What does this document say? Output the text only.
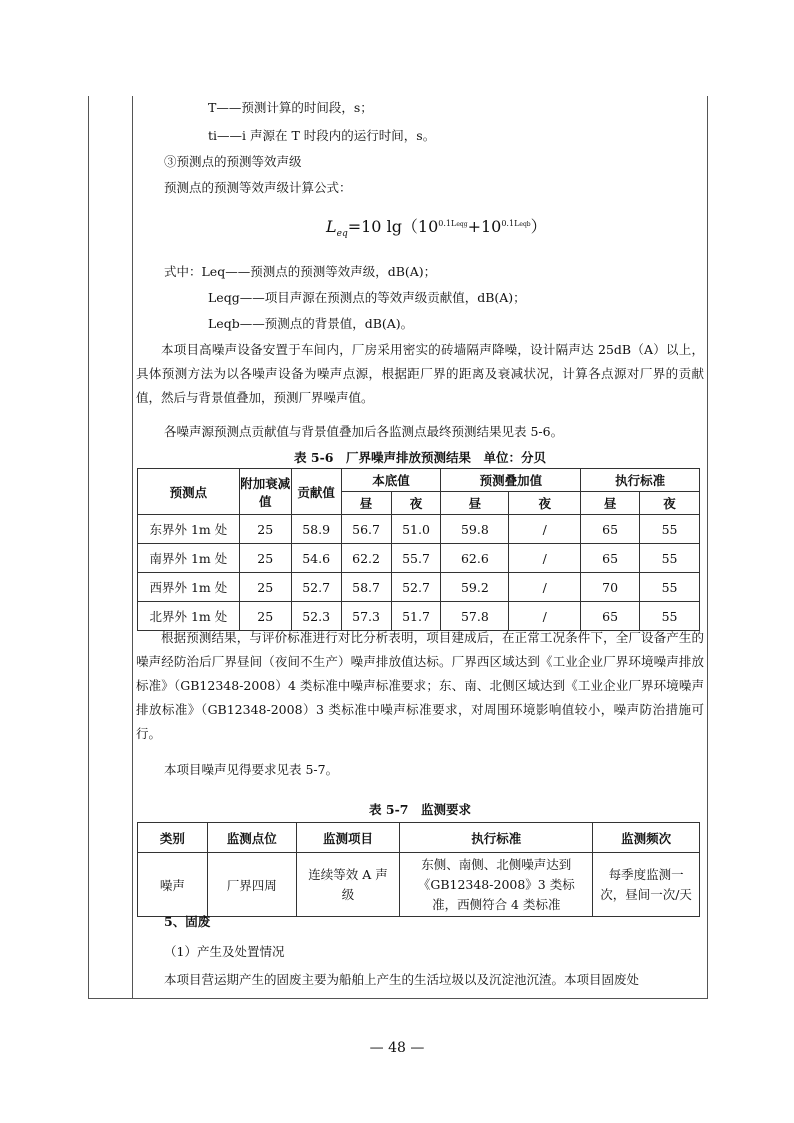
T——预测计算的时间段，s；
ti——i 声源在 T 时段内的运行时间，s。
③预测点的预测等效声级
预测点的预测等效声级计算公式：
$L_{eq}=10$ $\lg(10^{0.1Leqg}+10^{0.1Leqb})$
式中：Leq——预测点的预测等效声级，dB(A)；
Leqg——项目声源在预测点的等效声级贡献值，dB(A)；
Leqb——预测点的背景值，dB(A)。
本项目高噪声设备安置于车间内，厂房采用密实的砖墙隔声降噪，设计隔声达 25dB（A）以上，具体预测方法为以各噪声设备为噪声点源，根据距厂界的距离及衰减状况，计算各点源对厂界的贡献值，然后与背景值叠加，预测厂界噪声值。
各噪声源预测点贡献值与背景值叠加后各监测点最终预测结果见表 5-6。
表 5-6　厂界噪声排放预测结果　单位：分贝
预测点	附加衰减值	贡献值	本底值		预测叠加值		执行标准	
			昼	夜	昼	夜	昼	夜
东界外 1m 处	25	58.9	56.7	51.0	59.8	/	65	55
南界外 1m 处	25	54.6	62.2	55.7	62.6	/	65	55
西界外 1m 处	25	52.7	58.7	52.7	59.2	/	70	55
北界外 1m 处	25	52.3	57.3	51.7	57.8	/	65	55
根据预测结果，与评价标准进行对比分析表明，项目建成后，在正常工况条件下，全厂设备产生的噪声经防治后厂界昼间（夜间不生产）噪声排放值达标。厂界西区域达到《工业企业厂界环境噪声排放标准》（GB12348-2008）4 类标准中噪声标准要求；东、南、北侧区域达到《工业企业厂界环境噪声排放标准》（GB12348-2008）3 类标准中噪声标准要求，对周围环境影响值较小，噪声防治措施可行。
本项目噪声见得要求见表 5-7。
表 5-7　监测要求
类别	监测点位	监测项目	执行标准	监测频次
噪声	厂界四周	连续等效 A 声级	东侧、南侧、北侧噪声达到《GB12348-2008》3 类标准，西侧符合 4 类标准	每季度监测一次，昼间一次/天
5、固废
（1）产生及处置情况
本项目营运期产生的固废主要为船舶上产生的生活垃圾以及沉淀池沉渣。本项目固废处
— 48 —
